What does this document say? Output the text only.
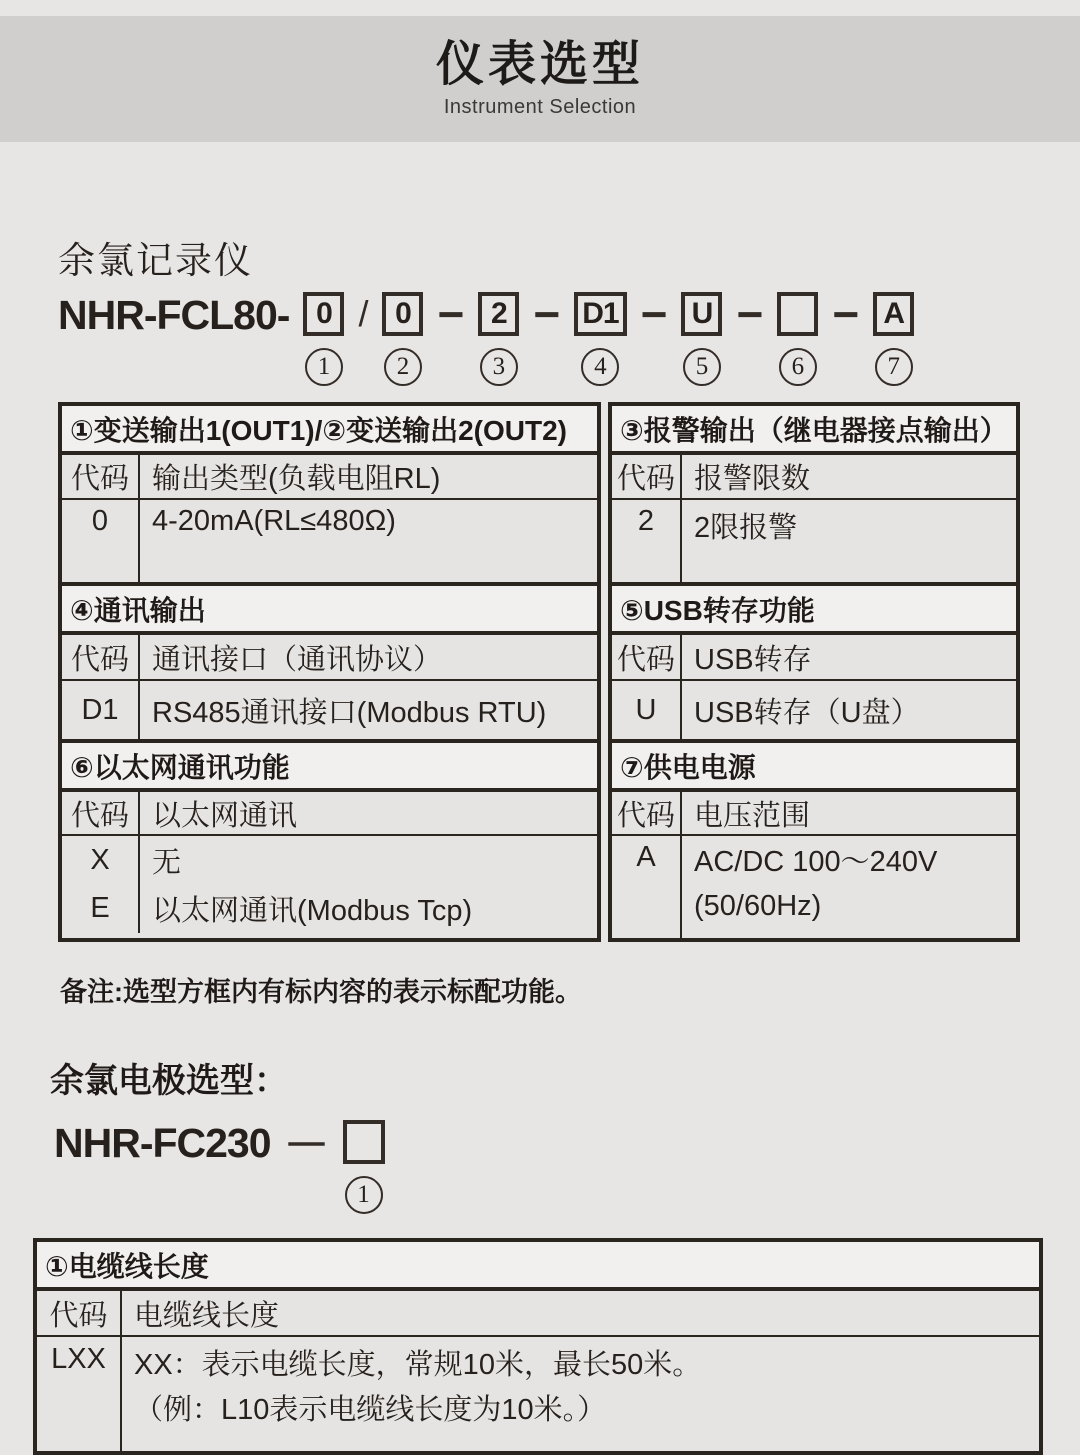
仪表选型
Instrument Selection
余氯记录仪
NHR-FCL80- 0
1
/ 0
2
− 2
3
− D1
4
− U
5
−
6
− A
7
①变送输出1(OUT1)/②变送输出2(OUT2)
代码 输出类型(负载电阻RL)
0	4-20mA(RL≤480Ω)
④通讯输出
代码 通讯接口（通讯协议）
D1	RS485通讯接口(Modbus RTU)
⑥以太网通讯功能
代码 以太网通讯
X	无
E	以太网通讯(Modbus Tcp)
③报警输出（继电器接点输出）
代码 报警限数
2	2限报警
⑤USB转存功能
代码 USB转存
U	USB转存（U盘）
⑦供电电源
代码 电压范围
A	AC/DC 100～240V
(50/60Hz)
备注:选型方框内有标内容的表示标配功能。
余氯电极选型：
NHR-FC230 －
1
①电缆线长度
代码 电缆线长度
LXX XX：表示电缆长度，常规10米，最长50米。
（例：L10表示电缆线长度为10米。）
